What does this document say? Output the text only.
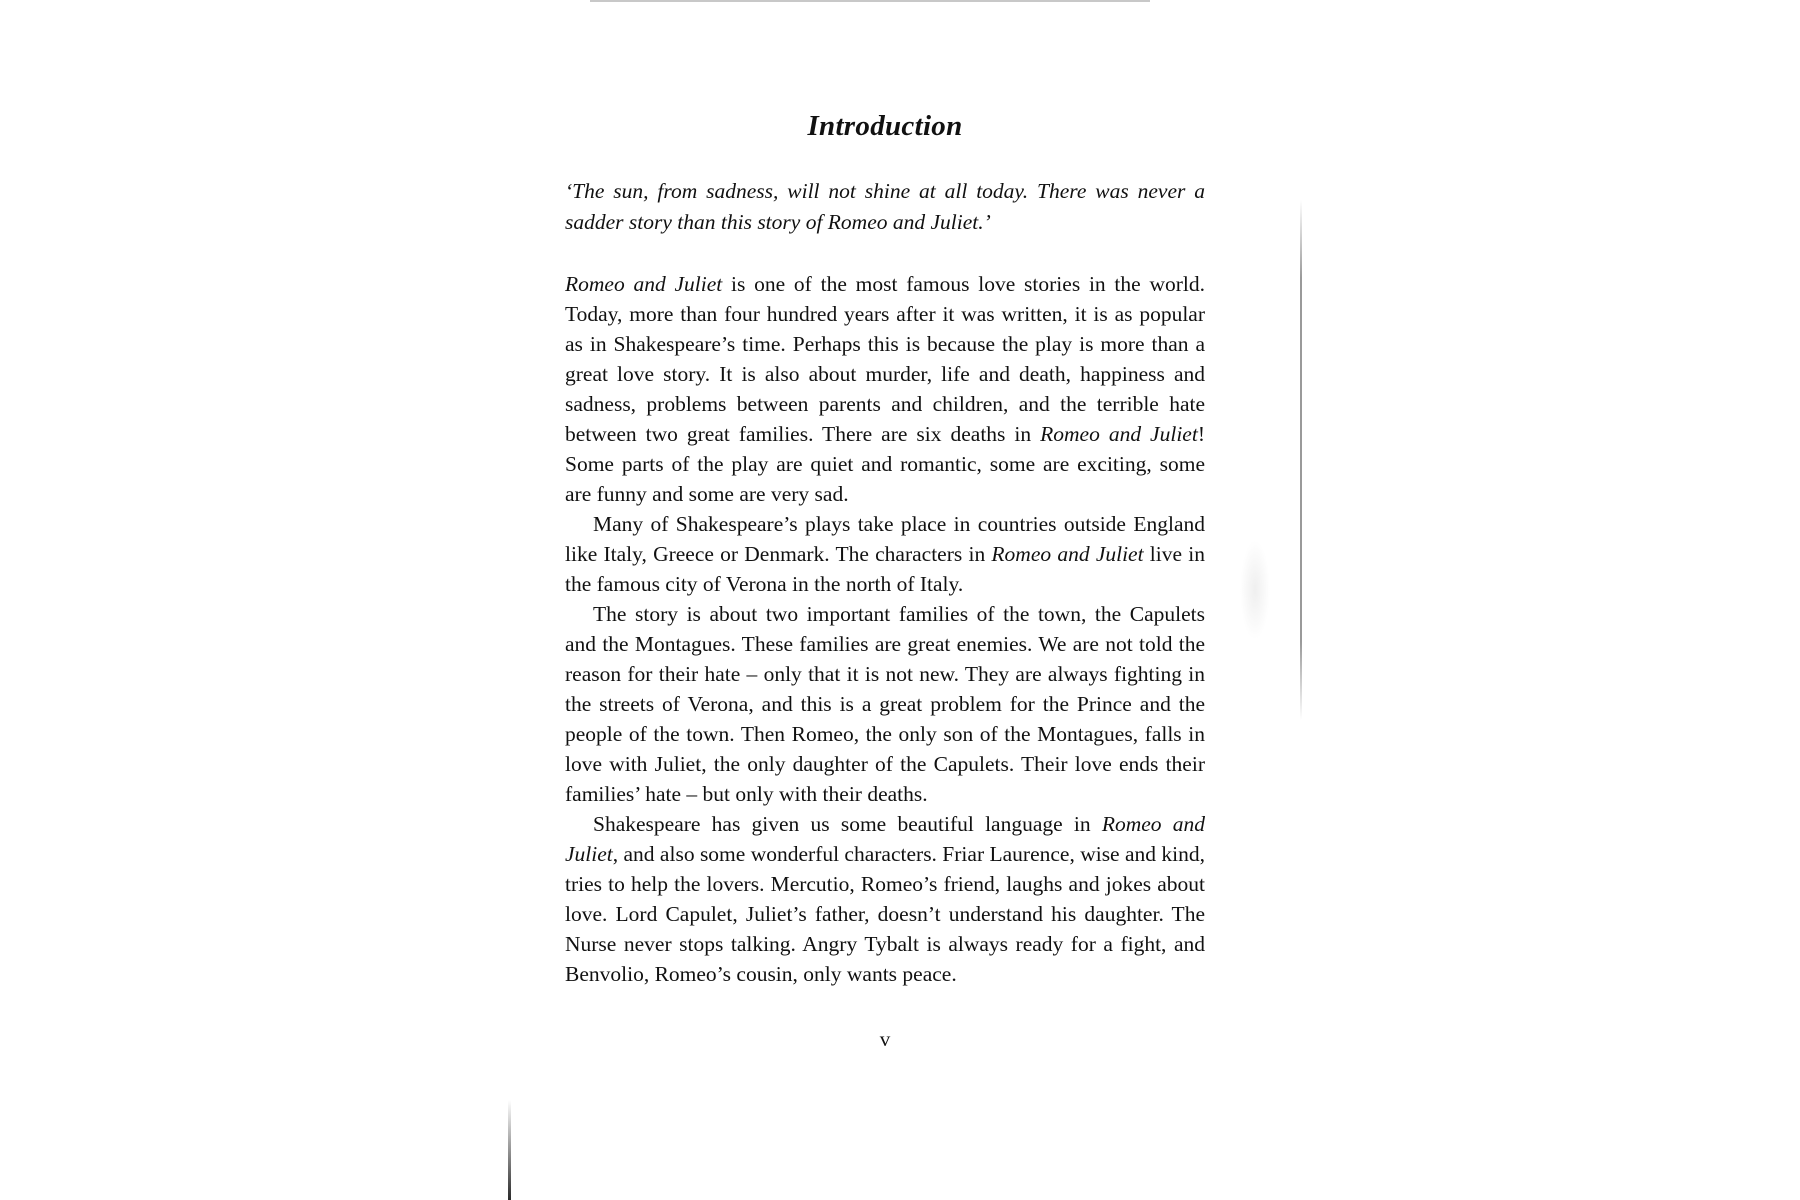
Introduction

‘The sun, from sadness, will not shine at all today. There was never a sadder story than this story of Romeo and Juliet.’

Romeo and Juliet is one of the most famous love stories in the world. Today, more than four hundred years after it was written, it is as popular as in Shakespeare’s time. Perhaps this is because the play is more than a great love story. It is also about murder, life and death, happiness and sadness, problems between parents and children, and the terrible hate between two great families. There are six deaths in Romeo and Juliet! Some parts of the play are quiet and romantic, some are exciting, some are funny and some are very sad.

Many of Shakespeare’s plays take place in countries outside England like Italy, Greece or Denmark. The characters in Romeo and Juliet live in the famous city of Verona in the north of Italy.

The story is about two important families of the town, the Capulets and the Montagues. These families are great enemies. We are not told the reason for their hate – only that it is not new. They are always fighting in the streets of Verona, and this is a great problem for the Prince and the people of the town. Then Romeo, the only son of the Montagues, falls in love with Juliet, the only daughter of the Capulets. Their love ends their families’ hate – but only with their deaths.

Shakespeare has given us some beautiful language in Romeo and Juliet, and also some wonderful characters. Friar Laurence, wise and kind, tries to help the lovers. Mercutio, Romeo’s friend, laughs and jokes about love. Lord Capulet, Juliet’s father, doesn’t understand his daughter. The Nurse never stops talking. Angry Tybalt is always ready for a fight, and Benvolio, Romeo’s cousin, only wants peace.

v
